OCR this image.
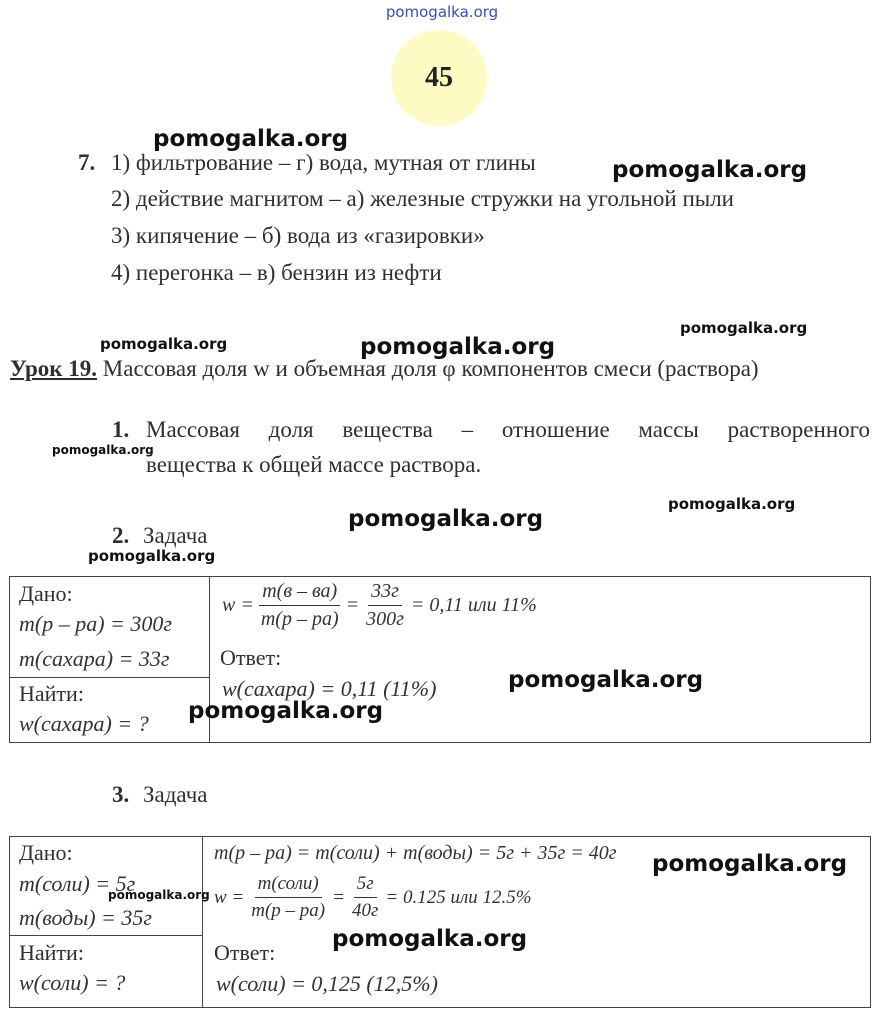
pomogalka.org
45
7. 1) фильтрование – г) вода, мутная от глины
2) действие магнитом – а) железные стружки на угольной пыли
3) кипячение – б) вода из «газировки»
4) перегонка – в) бензин из нефти
Урок 19. Массовая доля w и объемная доля φ компонентов смеси (раствора)
1. Массовая доля вещества – отношение массы растворенного
вещества к общей массе раствора.
2. Задача
Дано:
m(p – pa) = 300г
m(caxapa) = 33г
Найти:
w(caxapa) = ?
$w = \frac{m(в - ва)}{m(p - pa)} = \frac{33г}{300г} = 0,11$ или 11%
Ответ:
w(caxapa) = 0,11 (11%)
3. Задача
Дано:
m(соли) = 5г
m(воды) = 35г
Найти:
w(соли) = ?
m(p – pa) = m(соли) + m(воды) = 5г + 35г = 40г
$w = \frac{\text{m(соли)}}{m(p - pa)} = \frac{5г}{40г} = 0.125$ или 12.5%
Ответ:
w(соли) = 0,125 (12,5%)
pomogalka.org
pomogalka.org
pomogalka.org
pomogalka.org	pomogalka.org
pomogalka.org
pomogalka.org
pomogalka.org
pomogalka.org
pomogalka.org
pomogalka.org
pomogalka.org
pomogalka.org
pomogalka.org
